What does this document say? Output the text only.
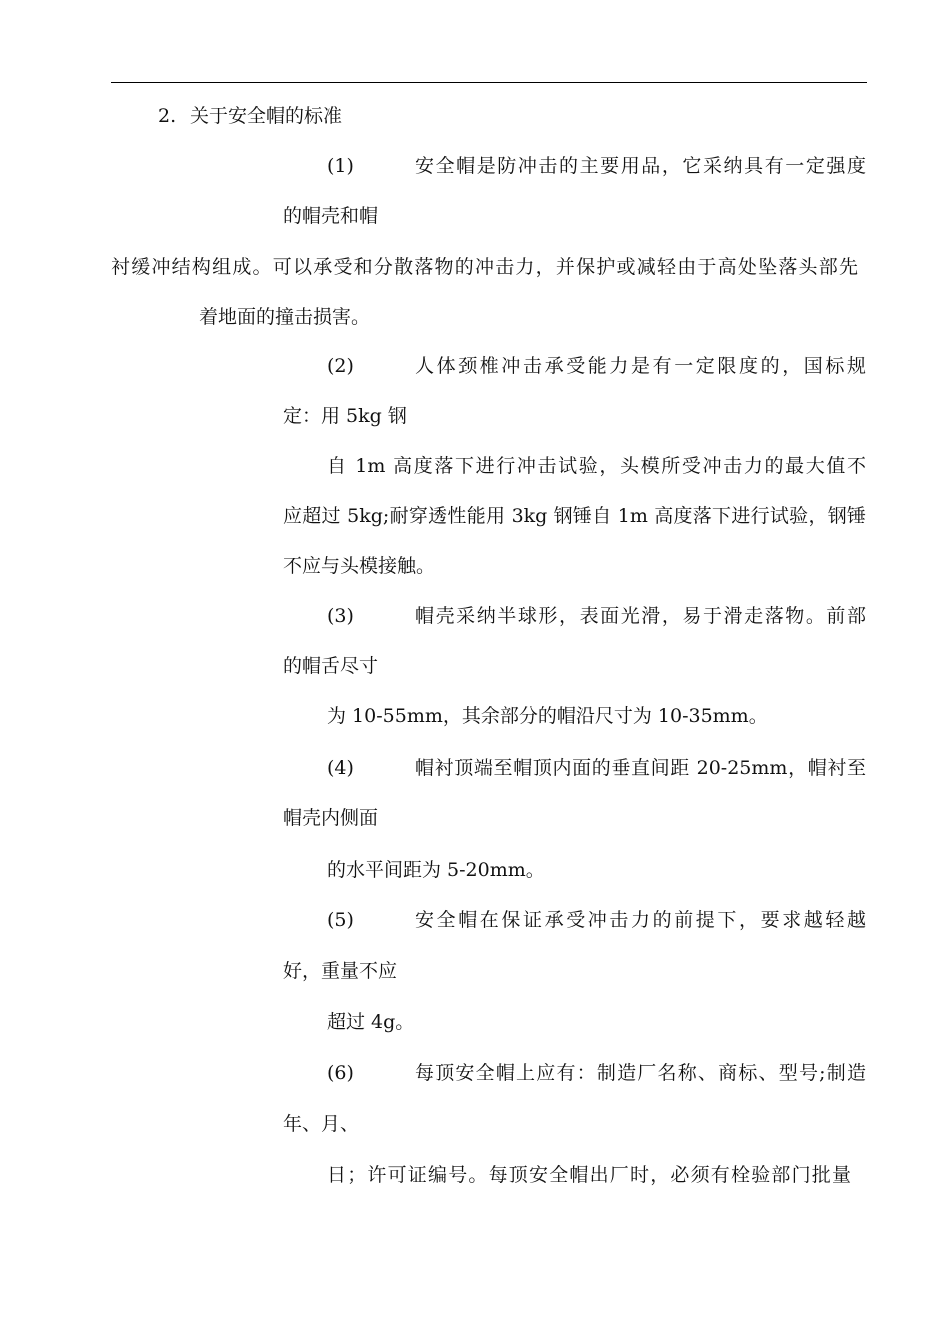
2. 关于安全帽的标准
(1)	安全帽是防冲击的主要用品，它采纳具有一定强度
的帽壳和帽
衬缓冲结构组成。可以承受和分散落物的冲击力，并保护或减轻由于高处坠落头部先
着地面的撞击损害。
(2)	人体颈椎冲击承受能力是有一定限度的，国标规
定：用 5kg 钢
自 1m 高度落下进行冲击试验，头模所受冲击力的最大值不
应超过 5kg;耐穿透性能用 3kg 钢锤自 1m 高度落下进行试验，钢锤
不应与头模接触。
(3)	帽壳采纳半球形，表面光滑，易于滑走落物。前部
的帽舌尽寸
为 10-55mm，其余部分的帽沿尺寸为 10-35mm。
(4)	帽衬顶端至帽顶内面的垂直间距 20-25mm，帽衬至
帽壳内侧面
的水平间距为 5-20mm。
(5)	安全帽在保证承受冲击力的前提下，要求越轻越
好，重量不应
超过 4g。
(6)	每顶安全帽上应有：制造厂名称、商标、型号;制造
年、月、
日；许可证编号。每顶安全帽出厂时，必须有栓验部门批量
